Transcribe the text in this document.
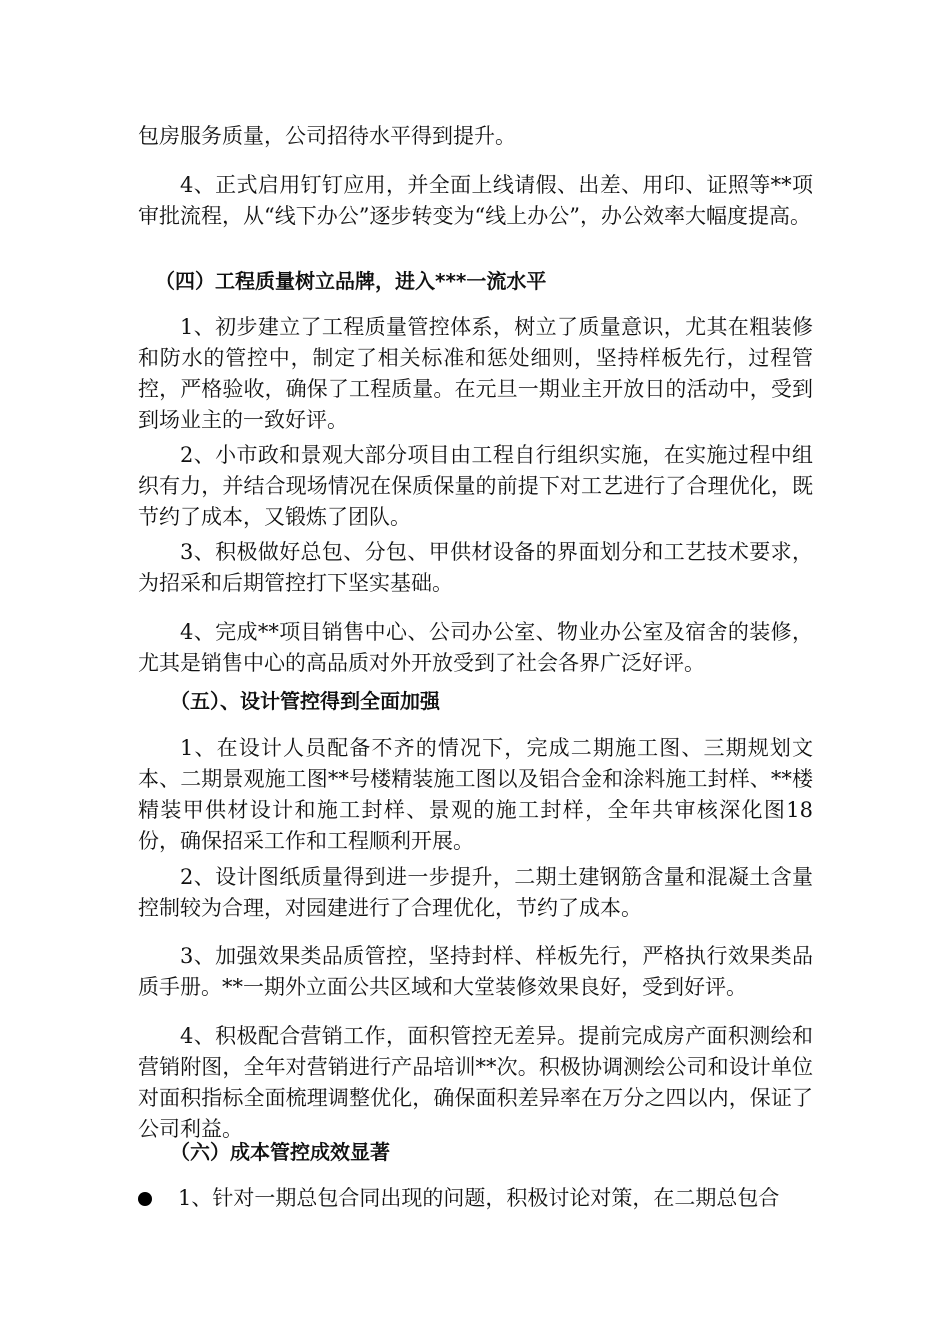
包房服务质量，公司招待水平得到提升。

4、正式启用钉钉应用，并全面上线请假、出差、用印、证照等**项审批流程，从“线下办公”逐步转变为“线上办公”，办公效率大幅度提高。

（四）工程质量树立品牌，进入***一流水平

1、初步建立了工程质量管控体系，树立了质量意识，尤其在粗装修和防水的管控中，制定了相关标准和惩处细则，坚持样板先行，过程管控，严格验收，确保了工程质量。在元旦一期业主开放日的活动中，受到到场业主的一致好评。

2、小市政和景观大部分项目由工程自行组织实施，在实施过程中组织有力，并结合现场情况在保质保量的前提下对工艺进行了合理优化，既节约了成本，又锻炼了团队。

3、积极做好总包、分包、甲供材设备的界面划分和工艺技术要求，为招采和后期管控打下坚实基础。

4、完成**项目销售中心、公司办公室、物业办公室及宿舍的装修，尤其是销售中心的高品质对外开放受到了社会各界广泛好评。

（五）、设计管控得到全面加强

1、在设计人员配备不齐的情况下，完成二期施工图、三期规划文本、二期景观施工图**号楼精装施工图以及铝合金和涂料施工封样、**楼精装甲供材设计和施工封样、景观的施工封样，全年共审核深化图18份，确保招采工作和工程顺利开展。

2、设计图纸质量得到进一步提升，二期土建钢筋含量和混凝土含量控制较为合理，对园建进行了合理优化，节约了成本。

3、加强效果类品质管控，坚持封样、样板先行，严格执行效果类品质手册。**一期外立面公共区域和大堂装修效果良好，受到好评。

4、积极配合营销工作，面积管控无差异。提前完成房产面积测绘和营销附图，全年对营销进行产品培训**次。积极协调测绘公司和设计单位对面积指标全面梳理调整优化，确保面积差异率在万分之四以内，保证了公司利益。

（六）成本管控成效显著

1、针对一期总包合同出现的问题，积极讨论对策，在二期总包合
